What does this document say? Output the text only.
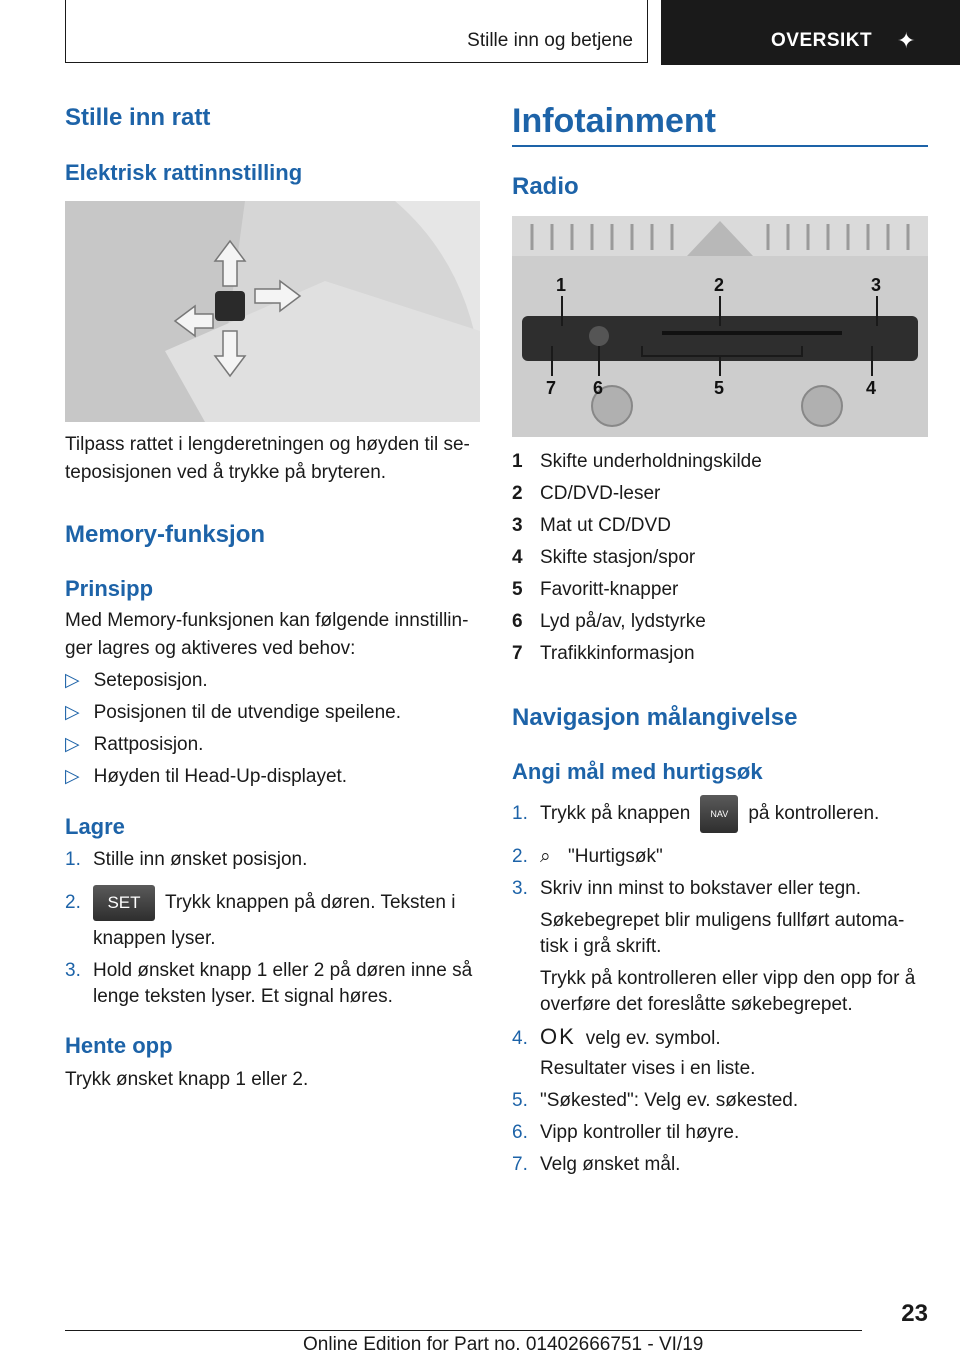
Stille inn og betjene	OVERSIKT ✦
Stille inn ratt
Elektrisk rattinnstilling
Tilpass rattet i lengderetningen og høyden til se-
teposisjonen ved å trykke på bryteren.
Memory-funksjon
Prinsipp
Med Memory-funksjonen kan følgende innstillin-
ger lagres og aktiveres ved behov:
▷ Seteposisjon.
▷ Posisjonen til de utvendige speilene.
▷ Rattposisjon.
▷ Høyden til Head-Up-displayet.
Lagre
1. Stille inn ønsket posisjon.
2. SET Trykk knappen på døren. Teksten i
knappen lyser.
3. Hold ønsket knapp 1 eller 2 på døren inne så
lenge teksten lyser. Et signal høres.
Hente opp
Trykk ønsket knapp 1 eller 2.
Infotainment
Radio
1	2	3
7 6	5	4
1 Skifte underholdningskilde
2 CD/DVD-leser
3 Mat ut CD/DVD
4 Skifte stasjon/spor
5 Favoritt-knapper
6 Lyd på/av, lydstyrke
7 Trafikkinformasjon
Navigasjon målangivelse
Angi mål med hurtigsøk
1. Trykk på knappen	NAV	på kontrolleren.
2. ⌕ "Hurtigsøk"
3. Skriv inn minst to bokstaver eller tegn.
Søkebegrepet blir muligens fullført automa-
tisk i grå skrift.
Trykk på kontrolleren eller vipp den opp for å
overføre det foreslåtte søkebegrepet.
4. OK velg ev. symbol.
Resultater vises i en liste.
5. "Søkested": Velg ev. søkested.
6. Vipp kontroller til høyre.
7. Velg ønsket mål.
23
Online Edition for Part no. 01402666751 - VI/19
